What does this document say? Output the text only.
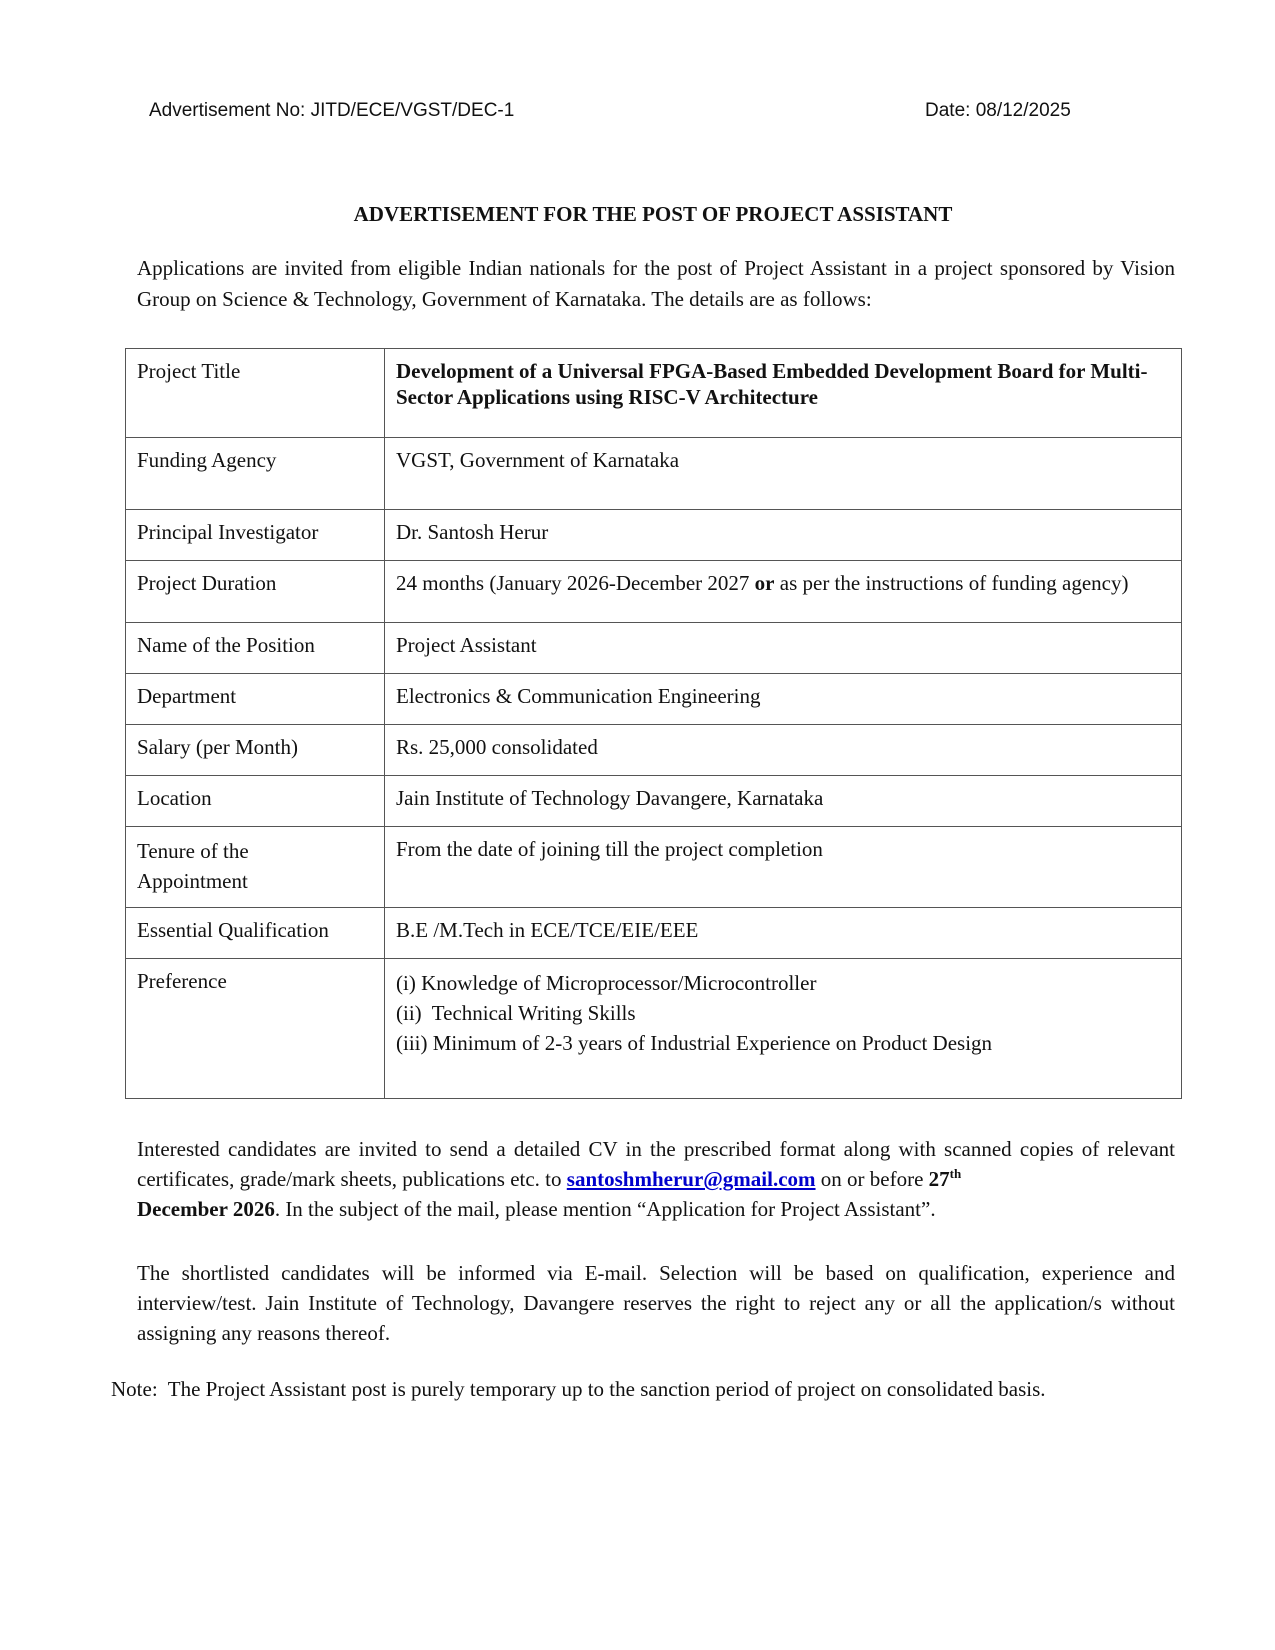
Advertisement No: JITD/ECE/VGST/DEC-1	Date: 08/12/2025
ADVERTISEMENT FOR THE POST OF PROJECT ASSISTANT
Applications are invited from eligible Indian nationals for the post of Project Assistant in a project sponsored by Vision Group on Science & Technology, Government of Karnataka. The details are as follows:
Project Title	Development of a Universal FPGA-Based Embedded Development Board for Multi-Sector Applications using RISC-V Architecture
Funding Agency	VGST, Government of Karnataka
Principal Investigator	Dr. Santosh Herur
Project Duration	24 months (January 2026-December 2027 or as per the instructions of funding agency)
Name of the Position	Project Assistant
Department	Electronics & Communication Engineering
Salary (per Month)	Rs. 25,000 consolidated
Location	Jain Institute of Technology Davangere, Karnataka

Tenure of the
Appointment	From the date of joining till the project completion
Essential Qualification	B.E /M.Tech in ECE/TCE/EIE/EEE
Preference	(i) Knowledge of Microprocessor/Microcontroller
(ii)  Technical Writing Skills
(iii) Minimum of 2-3 years of Industrial Experience on Product Design
Interested candidates are invited to send a detailed CV in the prescribed format along with scanned copies of relevant certificates, grade/mark sheets, publications etc. to santoshmherur@gmail.com on or before 27th
December 2026. In the subject of the mail, please mention “Application for Project Assistant”.
The shortlisted candidates will be informed via E-mail. Selection will be based on qualification, experience and interview/test. Jain Institute of Technology, Davangere reserves the right to reject any or all the application/s without assigning any reasons thereof.
Note:  The Project Assistant post is purely temporary up to the sanction period of project on consolidated basis.
